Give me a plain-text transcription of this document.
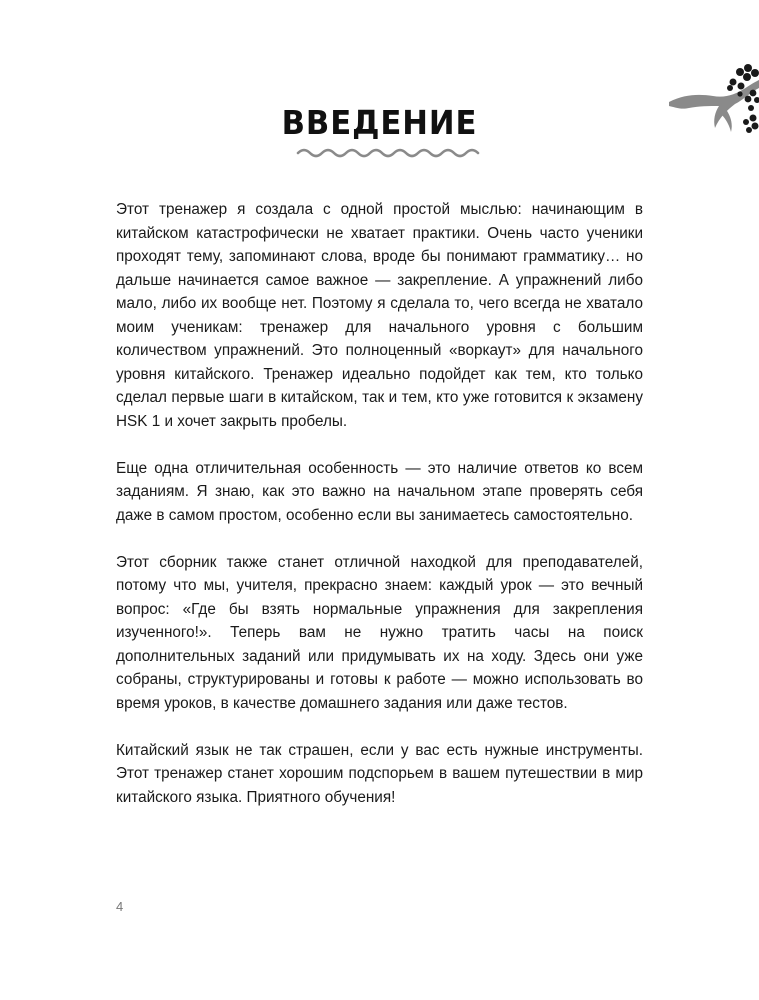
ВВЕДЕНИЕ

Этот тренажер я создала с одной простой мыслью: начинающим в китайском катастрофически не хватает практики. Очень часто ученики проходят тему, запоминают слова, вроде бы понимают грамматику… но дальше начинается самое важное — закрепление. А упражнений либо мало, либо их вообще нет. Поэтому я сделала то, чего всегда не хватало моим ученикам: тренажер для начального уровня с большим количеством упражнений. Это полноценный «воркаут» для начального уровня китайского. Тренажер идеально подойдет как тем, кто только сделал первые шаги в китайском, так и тем, кто уже готовится к экзамену HSK 1 и хочет закрыть пробелы.

Еще одна отличительная особенность — это наличие ответов ко всем заданиям. Я знаю, как это важно на начальном этапе проверять себя даже в самом простом, особенно если вы занимаетесь самостоятельно.

Этот сборник также станет отличной находкой для преподавателей, потому что мы, учителя, прекрасно знаем: каждый урок — это вечный вопрос: «Где бы взять нормальные упражнения для закрепления изученного!». Теперь вам не нужно тратить часы на поиск дополнительных заданий или придумывать их на ходу. Здесь они уже собраны, структурированы и готовы к работе — можно использовать во время уроков, в качестве домашнего задания или даже тестов.

Китайский язык не так страшен, если у вас есть нужные инструменты. Этот тренажер станет хорошим подспорьем в вашем путешествии в мир китайского языка. Приятного обучения!

4
